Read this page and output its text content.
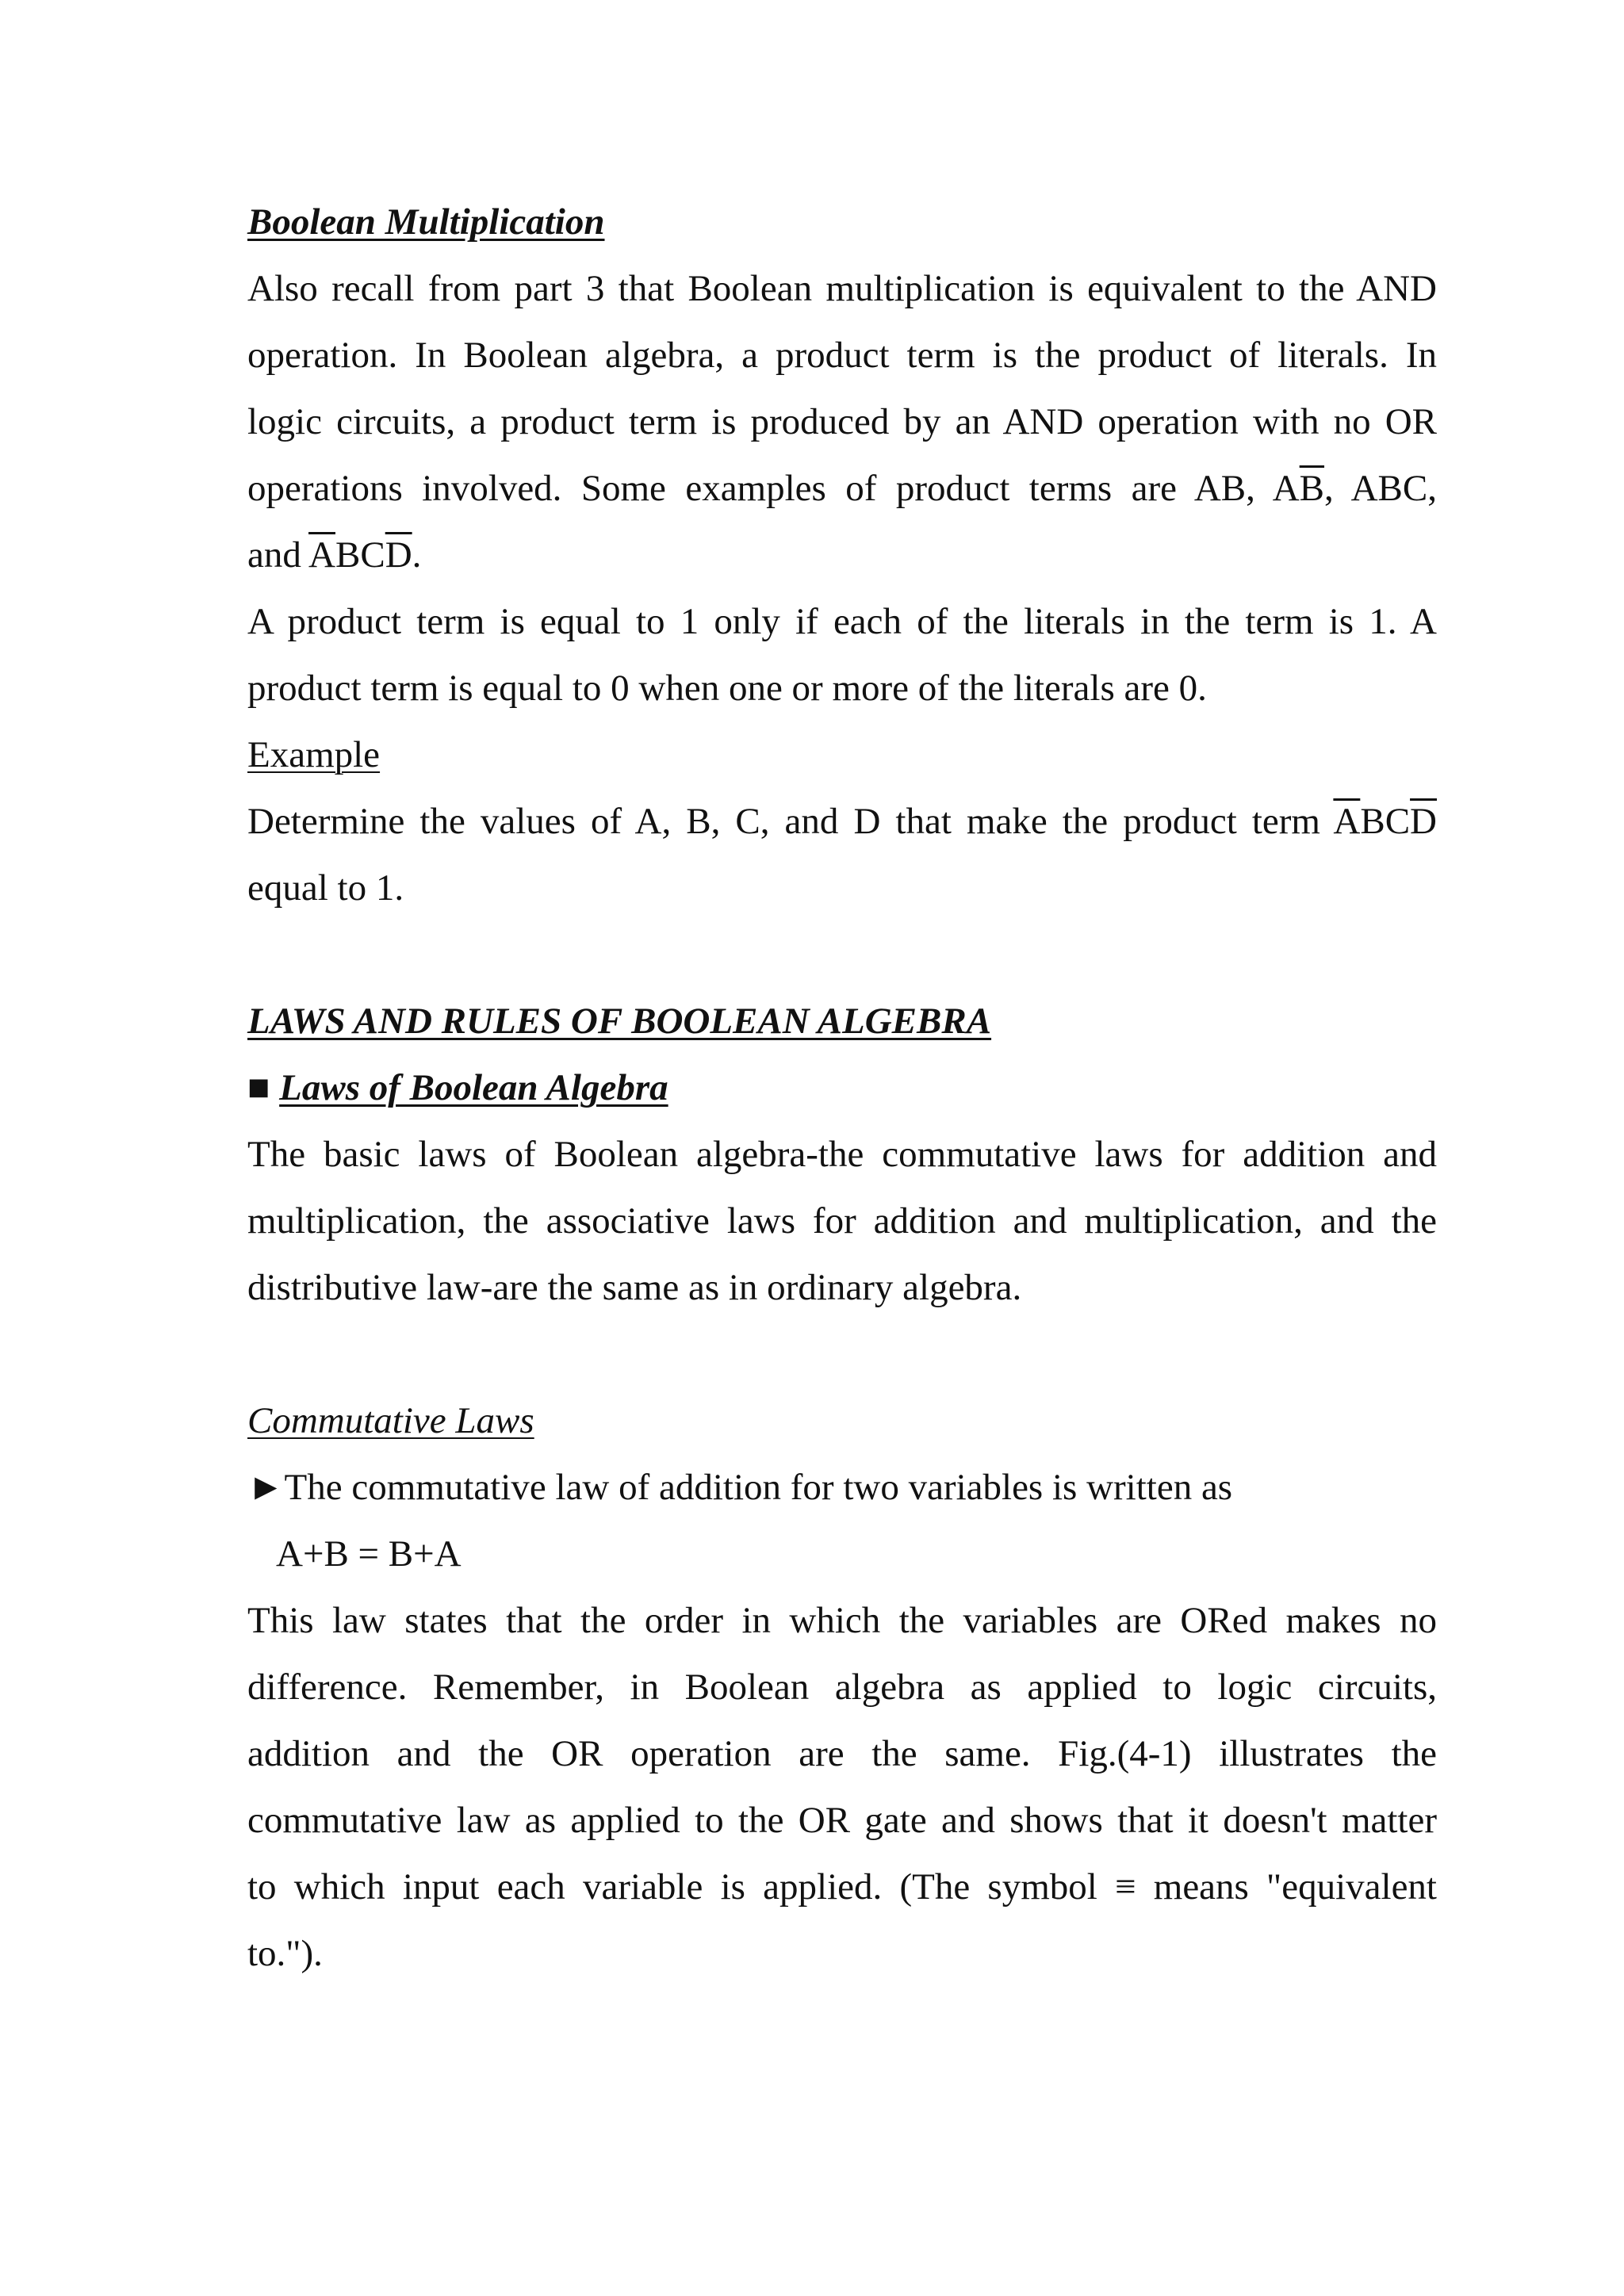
Boolean Multiplication
Also recall from part 3 that Boolean multiplication is equivalent to the AND
operation. In Boolean algebra, a product term is the product of literals. In
logic circuits, a product term is produced by an AND operation with no OR
operations involved. Some examples of product terms are AB, $A\overline{B}$, ABC,
and $\overline{A}BC\overline{D}$.
A product term is equal to 1 only if each of the literals in the term is 1. A
product term is equal to 0 when one or more of the literals are 0.
Example
Determine the values of A, B, C, and D that make the product term $\overline{A}BC\overline{D}$
equal to 1.
LAWS AND RULES OF BOOLEAN ALGEBRA
■ Laws of Boolean Algebra
The basic laws of Boolean algebra-the commutative laws for addition and
multiplication, the associative laws for addition and multiplication, and the
distributive law-are the same as in ordinary algebra.
Commutative Laws
►The commutative law of addition for two variables is written as
A+B = B+A
This law states that the order in which the variables are ORed makes no
difference. Remember, in Boolean algebra as applied to logic circuits,
addition and the OR operation are the same. Fig.(4-1) illustrates the
commutative law as applied to the OR gate and shows that it doesn't matter
to which input each variable is applied. (The symbol ≡ means "equivalent
to.").
